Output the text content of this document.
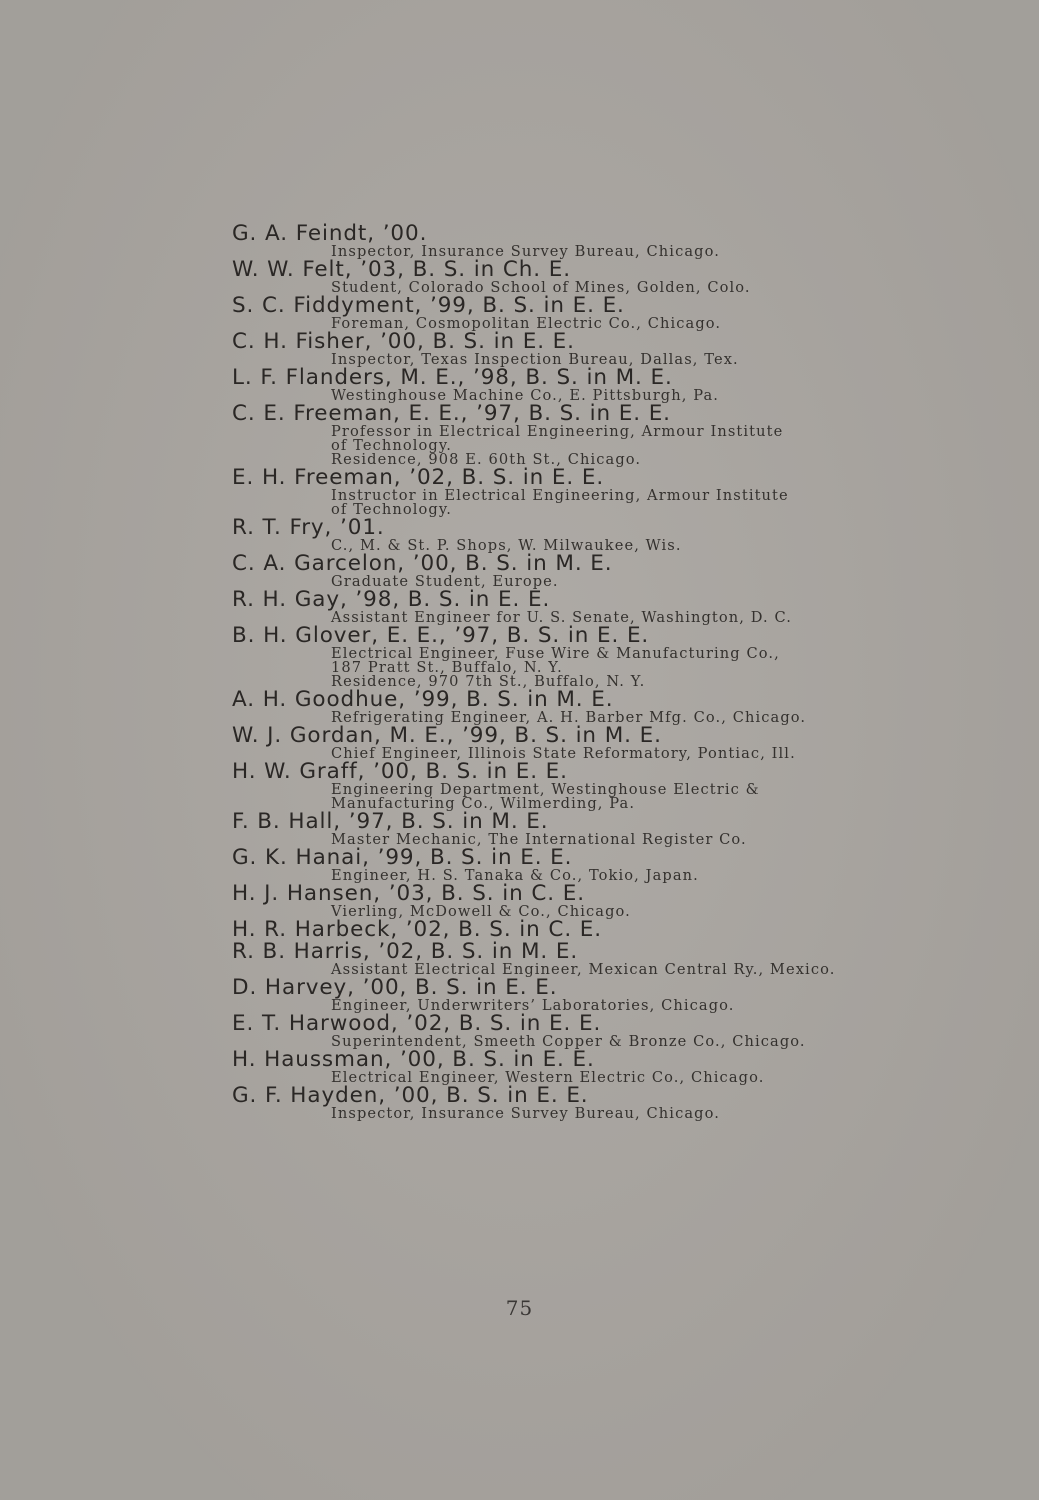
G. A. Feindt, ’00.
Inspector, Insurance Survey Bureau, Chicago.
W. W. Felt, ’03, B. S. in Ch. E.
Student, Colorado School of Mines, Golden, Colo.
S. C. Fiddyment, ’99, B. S. in E. E.
Foreman, Cosmopolitan Electric Co., Chicago.
C. H. Fisher, ’00, B. S. in E. E.
Inspector, Texas Inspection Bureau, Dallas, Tex.
L. F. Flanders, M. E., ’98, B. S. in M. E.
Westinghouse Machine Co., E. Pittsburgh, Pa.
C. E. Freeman, E. E., ’97, B. S. in E. E.
Professor in Electrical Engineering, Armour Institute
of Technology.
Residence, 908 E. 60th St., Chicago.
E. H. Freeman, ’02, B. S. in E. E.
Instructor in Electrical Engineering, Armour Institute
of Technology.
R. T. Fry, ’01.
C., M. & St. P. Shops, W. Milwaukee, Wis.
C. A. Garcelon, ’00, B. S. in M. E.
Graduate Student, Europe.
R. H. Gay, ’98, B. S. in E. E.
Assistant Engineer for U. S. Senate, Washington, D. C.
B. H. Glover, E. E., ’97, B. S. in E. E.
Electrical Engineer, Fuse Wire & Manufacturing Co.,
187 Pratt St., Buffalo, N. Y.
Residence, 970 7th St., Buffalo, N. Y.
A. H. Goodhue, ’99, B. S. in M. E.
Refrigerating Engineer, A. H. Barber Mfg. Co., Chicago.
W. J. Gordan, M. E., ’99, B. S. in M. E.
Chief Engineer, Illinois State Reformatory, Pontiac, Ill.
H. W. Graff, ’00, B. S. in E. E.
Engineering Department, Westinghouse Electric &
Manufacturing Co., Wilmerding, Pa.
F. B. Hall, ’97, B. S. in M. E.
Master Mechanic, The International Register Co.
G. K. Hanai, ’99, B. S. in E. E.
Engineer, H. S. Tanaka & Co., Tokio, Japan.
H. J. Hansen, ’03, B. S. in C. E.
Vierling, McDowell & Co., Chicago.
H. R. Harbeck, ’02, B. S. in C. E.
R. B. Harris, ’02, B. S. in M. E.
Assistant Electrical Engineer, Mexican Central Ry., Mexico.
D. Harvey, ’00, B. S. in E. E.
Engineer, Underwriters’ Laboratories, Chicago.
E. T. Harwood, ’02, B. S. in E. E.
Superintendent, Smeeth Copper & Bronze Co., Chicago.
H. Haussman, ’00, B. S. in E. E.
Electrical Engineer, Western Electric Co., Chicago.
G. F. Hayden, ’00, B. S. in E. E.
Inspector, Insurance Survey Bureau, Chicago.
75
